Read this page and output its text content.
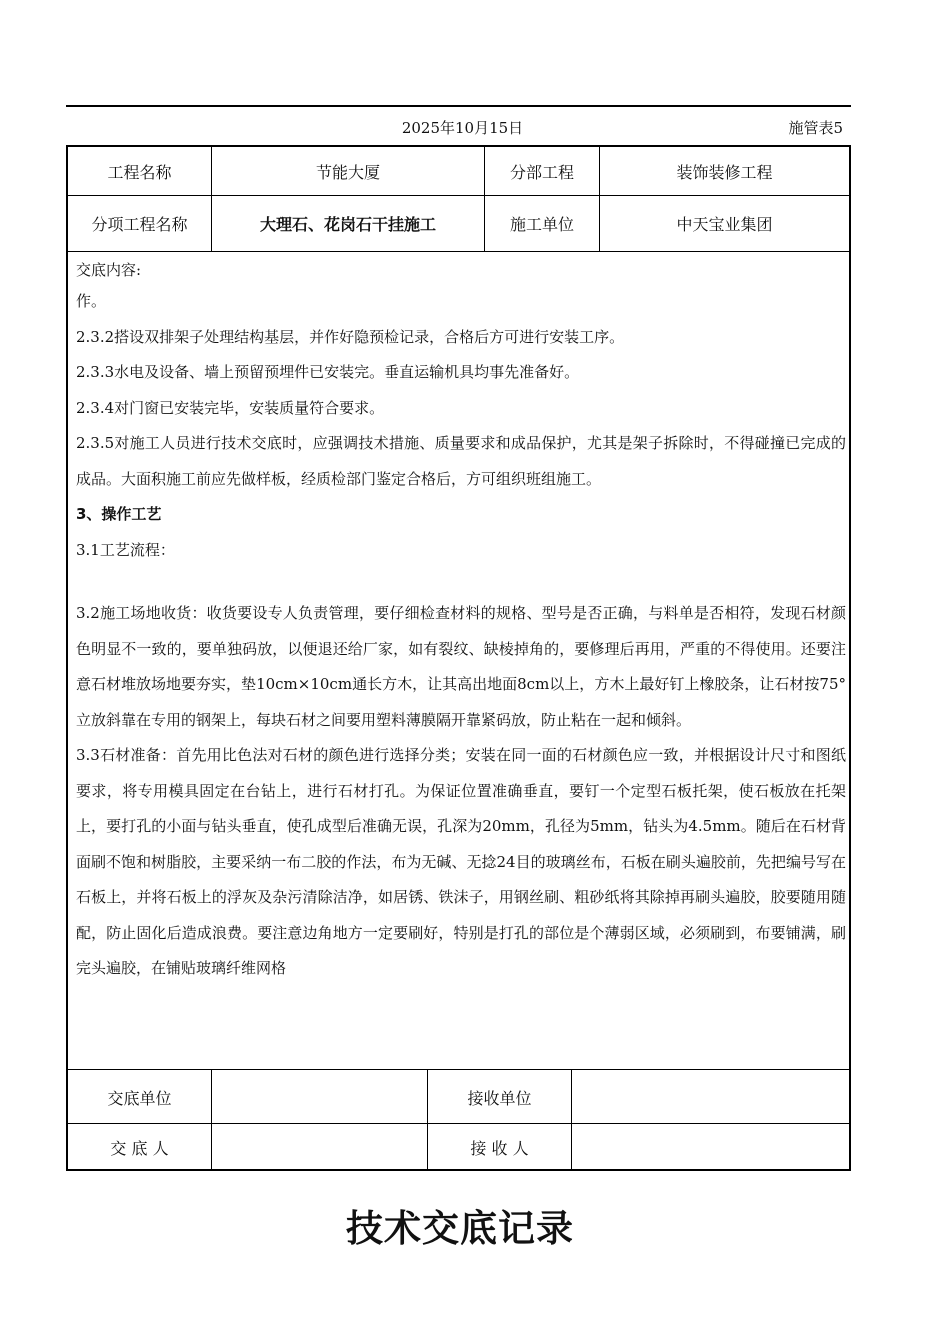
2025年10月15日	施管表5
工程名称	节能大厦	分部工程	装饰装修工程
分项工程名称	大理石、花岗石干挂施工	施工单位	中天宝业集团

交底内容:

作。

2.3.2搭设双排架子处理结构基层，并作好隐预检记录，合格后方可进行安装工序。

2.3.3水电及设备、墙上预留预埋件已安装完。垂直运输机具均事先准备好。

2.3.4对门窗已安装完毕，安装质量符合要求。

2.3.5对施工人员进行技术交底时，应强调技术措施、质量要求和成品保护，尤其是架子拆除时，不得碰撞已完成的成品。大面积施工前应先做样板，经质检部门鉴定合格后，方可组织班组施工。

3、操作工艺

3.1工艺流程：

3.2施工场地收货：收货要设专人负责管理，要仔细检查材料的规格、型号是否正确，与料单是否相符，发现石材颜色明显不一致的，要单独码放，以便退还给厂家，如有裂纹、缺棱掉角的，要修理后再用，严重的不得使用。还要注意石材堆放场地要夯实，垫10cm×10cm通长方木，让其高出地面8cm以上，方木上最好钉上橡胶条，让石材按75°立放斜靠在专用的钢架上，每块石材之间要用塑料薄膜隔开靠紧码放，防止粘在一起和倾斜。

3.3石材准备：首先用比色法对石材的颜色进行选择分类；安装在同一面的石材颜色应一致，并根据设计尺寸和图纸要求，将专用模具固定在台钻上，进行石材打孔。为保证位置准确垂直，要钉一个定型石板托架，使石板放在托架上，要打孔的小面与钻头垂直，使孔成型后准确无误，孔深为20mm，孔径为5mm，钻头为4.5mm。随后在石材背面刷不饱和树脂胶，主要采纳一布二胶的作法，布为无碱、无捻24目的玻璃丝布，石板在刷头遍胶前，先把编号写在石板上，并将石板上的浮灰及杂污清除洁净，如居锈、铁沫子，用钢丝刷、粗砂纸将其除掉再刷头遍胶，胶要随用随配，防止固化后造成浪费。要注意边角地方一定要刷好，特别是打孔的部位是个薄弱区域，必须刷到，布要铺满，刷完头遍胶，在铺贴玻璃纤维网格

交底单位	接收单位
交 底 人	接 收 人
技术交底记录
